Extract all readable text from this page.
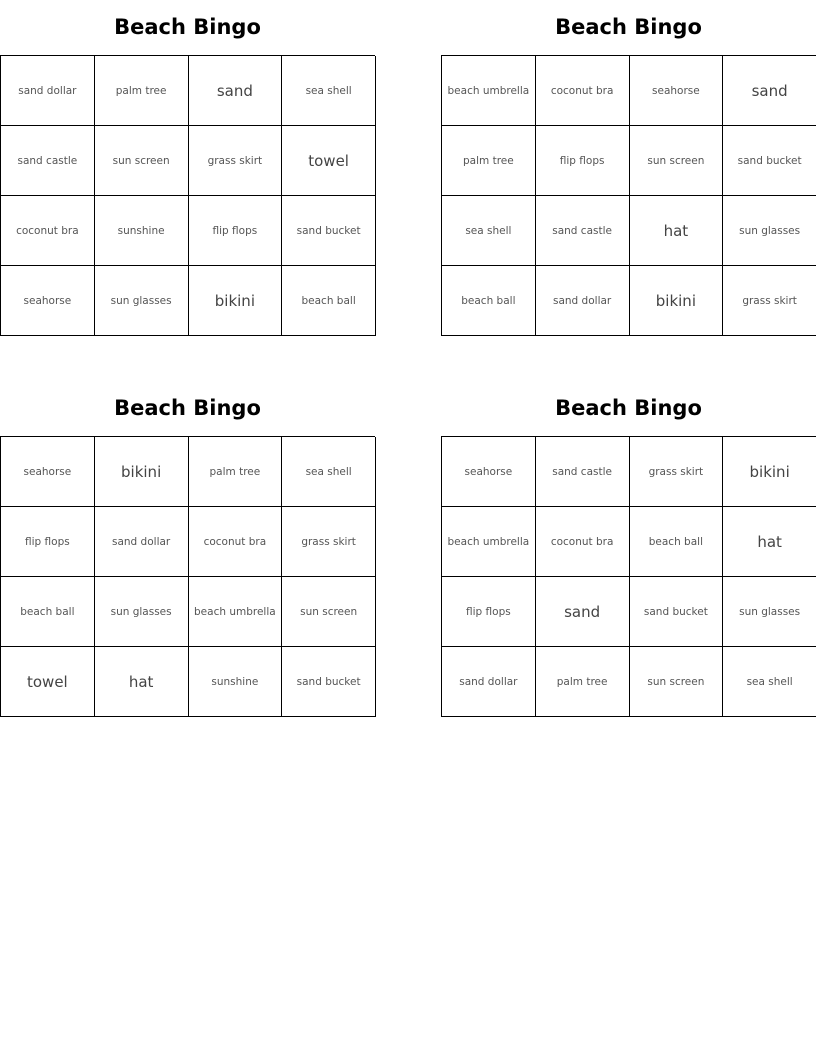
Beach Bingo
sand dollar	palm tree	sand	sea shell
sand castle	sun screen	grass skirt	towel
coconut bra	sunshine	flip flops	sand bucket
seahorse	sun glasses	bikini	beach ball
Beach Bingo
beach umbrella	coconut bra	seahorse	sand
palm tree	flip flops	sun screen	sand bucket
sea shell	sand castle	hat	sun glasses
beach ball	sand dollar	bikini	grass skirt
Beach Bingo
seahorse	bikini	palm tree	sea shell
flip flops	sand dollar	coconut bra	grass skirt
beach ball	sun glasses	beach umbrella	sun screen
towel	hat	sunshine	sand bucket
Beach Bingo
seahorse	sand castle	grass skirt	bikini
beach umbrella	coconut bra	beach ball	hat
flip flops	sand	sand bucket	sun glasses
sand dollar	palm tree	sun screen	sea shell
